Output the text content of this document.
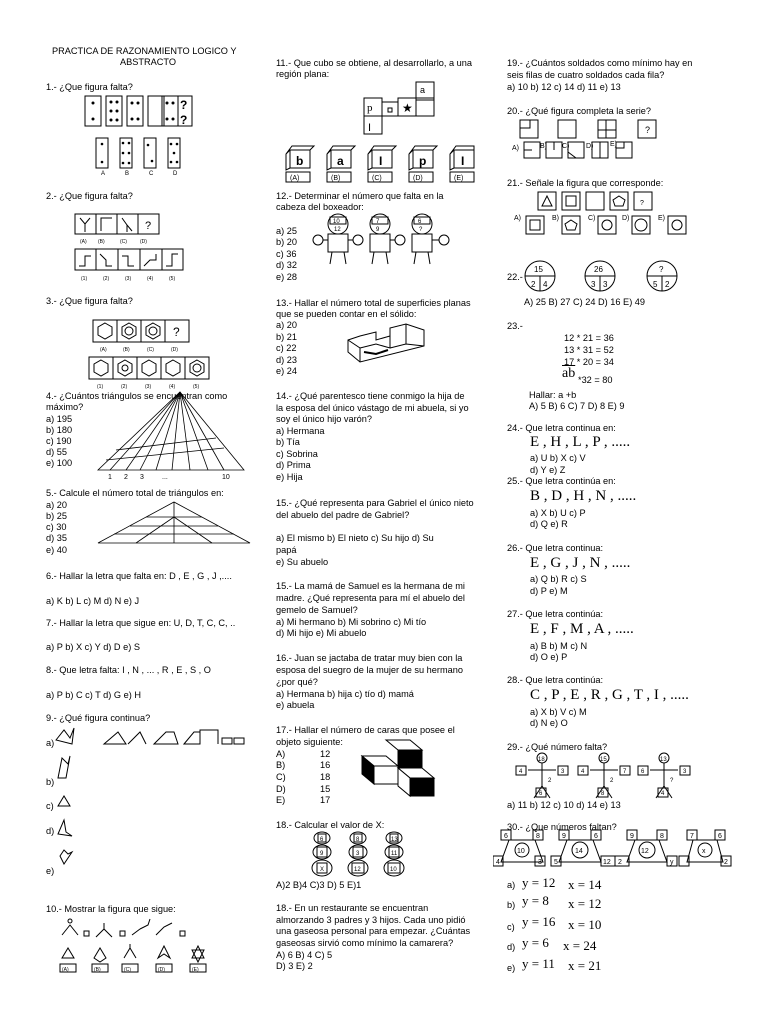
PRACTICA DE RAZONAMIENTO LOGICO Y
ABSTRACTO
1.- ¿Que figura falta?
?
?
A	B	C	D
2.- ¿Que figura falta?
?
(A) (B)	(C)	(D)
(1)	(2)	(3)	(4)	(5)
3.- ¿Que figura falta?
?
(A)	(B)	(C)	(D)
(1)	(2)	(3)	(4)	(5)
4.- ¿Cuántos triángulos se encuentran como
máximo?
a) 195
b) 180
c) 190
d) 55
e) 100
1 2 3	...	10
5.- Calcule el número total de triángulos en:
a) 20
b) 25
c) 30
d) 35
e) 40
6.- Hallar la letra que falta en: D , E , G , J ,....
a) K b) L c) M d) N e) J
7.- Hallar la letra que sigue en: U, D, T, C, C, ..
a) P b) X c) Y d) D e) S
8.- Que letra falta: I , N , ... , R , E , S , O
a) P b) C c) T d) G e) H
9.- ¿Qué figura continua?
a)
b)
c)
d)
e)
10.- Mostrar la figura que sigue:
(A)	(B)	(C)	(D)	(E)
11.- Que cubo se obtiene, al desarrollarlo, a una
región plana:
a
p ★
I
b	a	I	p	I
(A)	(B)	(C)	(D)	(E)
12.- Determinar el número que falta en la
cabeza del boxeador:
a) 25
b) 20
c) 36
d) 32
e) 28
10
12
7
9
6
?
13.- Hallar el número total de superficies planas
que se pueden contar en el sólido:
a) 20
b) 21
c) 22
d) 23
e) 24
14.- ¿Qué parentesco tiene conmigo la hija de
la esposa del único vástago de mi abuela, si yo
soy el único hijo varón?
a) Hermana
b) Tía
c) Sobrina
d) Prima
e) Hija
15.- ¿Qué representa para Gabriel el único nieto
del abuelo del padre de Gabriel?
a) El mismo b) El nieto c) Su hijo d) Su
papá
e) Su abuelo
15.- La mamá de Samuel es la hermana de mi
madre. ¿Qué representa para mí el abuelo del
gemelo de Samuel?
a) Mi hermano b) Mi sobrino c) Mi tío
d) Mi hijo e) Mi abuelo
16.- Juan se jactaba de tratar muy bien con la
esposa del suegro de la mujer de su hermano
¿por qué?
a) Hermana b) hija c) tío d) mamá
e) abuela
17.- Hallar el número de caras que posee el
objeto siguiente:
A)
B)
C)
D)
E)
12
16
18
15
17
18.- Calcular el valor de X:
6
9
X
8
3
12
13
11
10
A)2 B)4 C)3 D) 5 E)1
18.- En un restaurante se encuentran
almorzando 3 padres y 3 hijos. Cada uno pidió
una gaseosa personal para empezar. ¿Cuántas
gaseosas sirvió como mínimo la camarera?
A) 6 B) 4 C) 5
D) 3 E) 2
19.- ¿Cuántos soldados como mínimo hay en
seis filas de cuatro soldados cada fila?
a) 10 b) 12 c) 14 d) 11 e) 13
20.- ¿Qué figura completa la serie?
?
A)	B) C) D) E)
21.- Señale la figura que corresponde:
?
A)	B)	C)	D)	E)
22.-
15
2 4
26
3 3
?
5 2
A) 25 B) 27 C) 24 D) 16 E) 49
23.-
12 * 21 = 36
13 * 31 = 52
17 * 20 = 34
$\overline{ab}$ *32 = 80
Hallar: a +b
A) 5 B) 6 C) 7 D) 8 E) 9
24.- Que letra continua en:
E , H , L , P , .....
a) U b) X c) V
d) Y e) Z
25.- Que letra continúa en:
B , D , H , N , .....
a) X b) U c) P
d) Q e) R
26.- Que letra continua:
E , G , J , N , .....
a) Q b) R c) S
d) P e) M
27.- Que letra continúa:
E , F , M , A , .....
a) B b) M c) N
d) O e) P
28.- Que letra continúa:
C , P , E , R , G , T , I , .....
a) X b) V c) M
d) N e) O
29.- ¿Qué número falta?
18
4	3
6
2
15
4	7
8
2
13
6	3
4
?
a) 11 b) 12 c) 10 d) 14 e) 13
30.- ¿Que números faltan?
6	8
10
4	3
9	6
14
5	12
9	8
12
2	y
7	6
x
2
a) y = 12 x = 14
b) y = 8 x = 12
c) y = 16 x = 10
d) y = 6 x = 24
e) y = 11 x = 21
